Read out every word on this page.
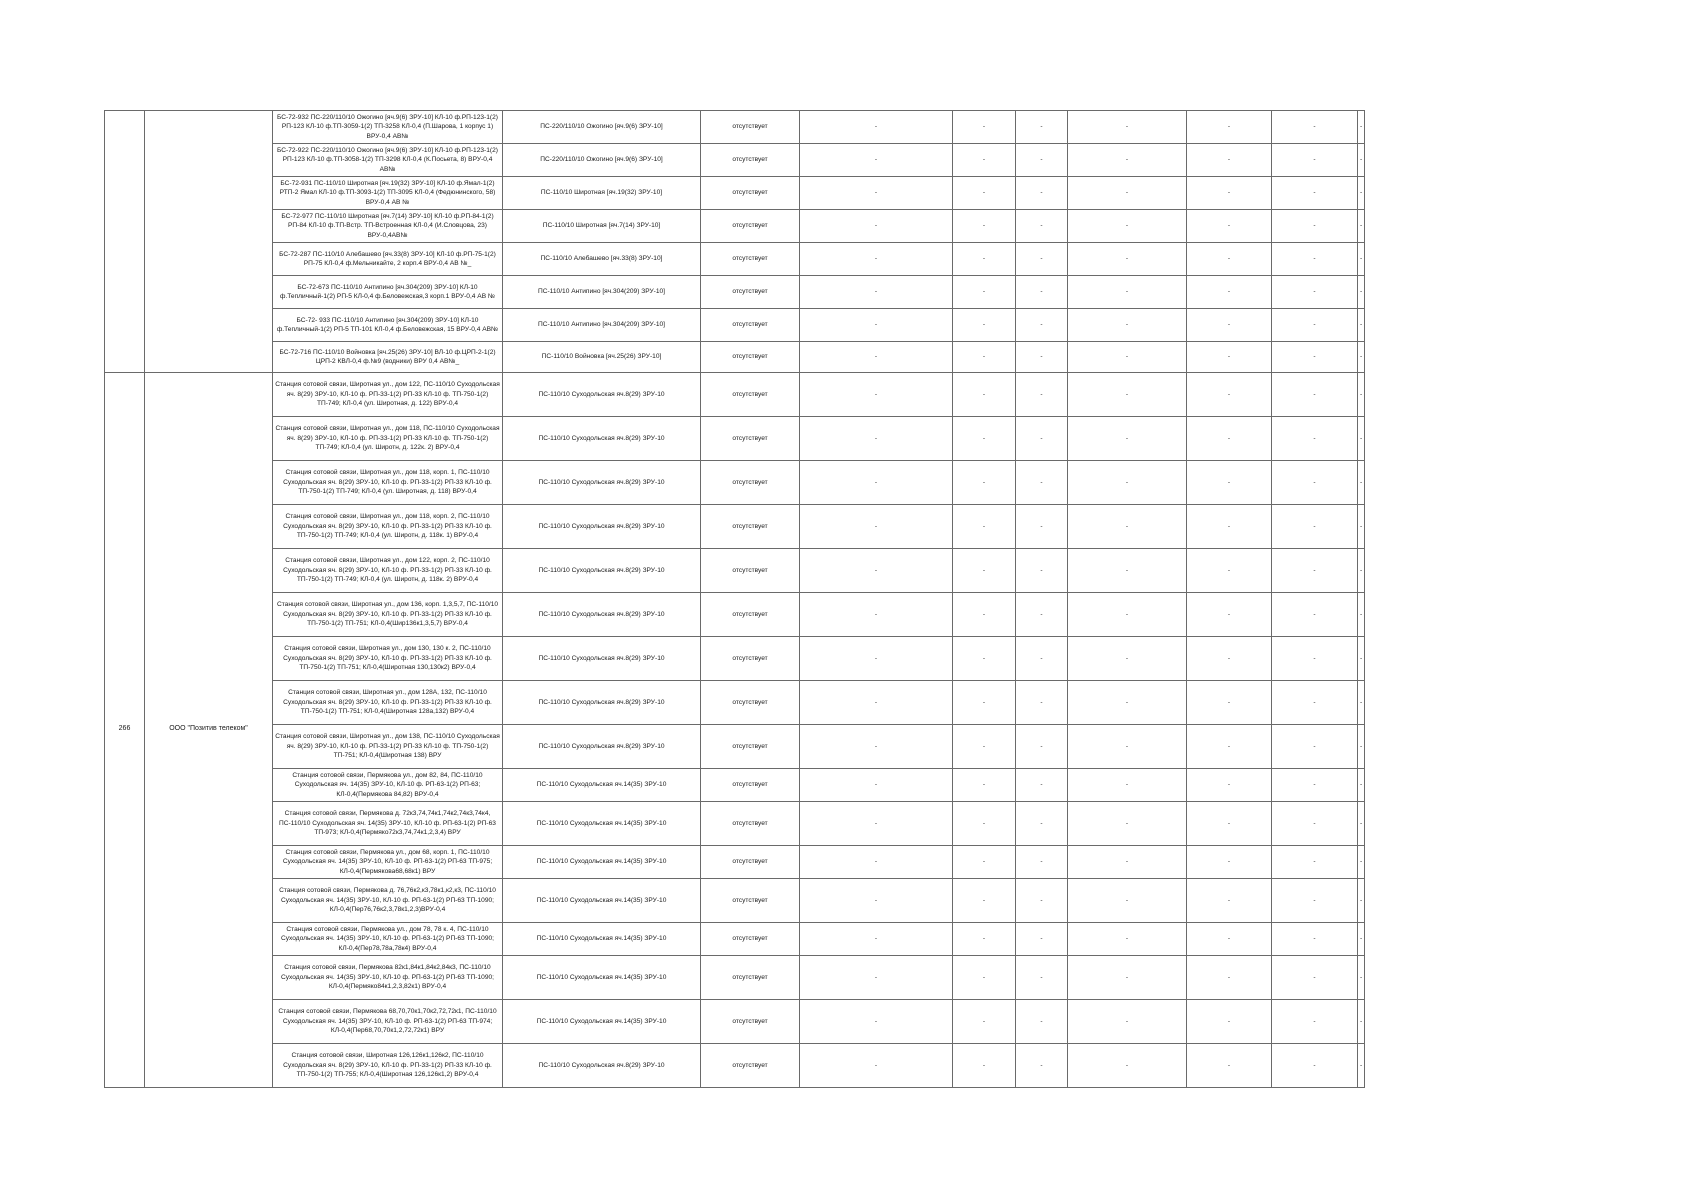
		БС-72-932 ПС-220/110/10 Ожогино [яч.9(6) ЗРУ-10] КЛ-10 ф.РП-123-1(2) РП-123 КЛ-10 ф.ТП-3059-1(2) ТП-3258 КЛ-0,4 (П.Шарова, 1 корпус 1) ВРУ-0,4 АВ№	ПС-220/110/10 Ожогино [яч.9(6) ЗРУ-10]	отсутствует	-	-	-	-	-	-	-
		БС-72-922 ПС-220/110/10 Ожогино [яч.9(6) ЗРУ-10] КЛ-10 ф.РП-123-1(2) РП-123 КЛ-10 ф.ТП-3058-1(2) ТП-3298 КЛ-0,4 (К.Посьета, 8) ВРУ-0,4 АВ№	ПС-220/110/10 Ожогино [яч.9(6) ЗРУ-10]	отсутствует	-	-	-	-	-	-	-
		БС-72-931 ПС-110/10 Широтная [яч.19(32) ЗРУ-10] КЛ-10 ф.Ямал-1(2) РТП-2 Ямал КЛ-10 ф.ТП-3093-1(2) ТП-3095 КЛ-0,4 (Федюнинского, 58) ВРУ-0,4 АВ №	ПС-110/10 Широтная [яч.19(32) ЗРУ-10]	отсутствует	-	-	-	-	-	-	-
		БС-72-977 ПС-110/10 Широтная [яч.7(14) ЗРУ-10] КЛ-10 ф.РП-84-1(2) РП-84 КЛ-10 ф.ТП-Встр. ТП-Встроенная КЛ-0,4 (И.Словцова, 23) ВРУ-0,4АВ№	ПС-110/10 Широтная [яч.7(14) ЗРУ-10]	отсутствует	-	-	-	-	-	-	-
		БС-72-287 ПС-110/10 Алебашево [яч.33(8) ЗРУ-10] КЛ-10 ф.РП-75-1(2) РП-75 КЛ-0,4 ф.Мельникайте, 2 корп.4 ВРУ-0,4 АВ №_	ПС-110/10 Алебашево [яч.33(8) ЗРУ-10]	отсутствует	-	-	-	-	-	-	-
		БС-72-673 ПС-110/10 Антипино [яч.304(209) ЗРУ-10] КЛ-10 ф.Тепличный-1(2) РП-5 КЛ-0,4 ф.Беловежская,3 корп.1 ВРУ-0,4 АВ №	ПС-110/10 Антипино [яч.304(209) ЗРУ-10]	отсутствует	-	-	-	-	-	-	-
		БС-72- 933 ПС-110/10 Антипино [яч.304(209) ЗРУ-10] КЛ-10 ф.Тепличный-1(2) РП-5 ТП-101 КЛ-0,4 ф.Беловежская, 15 ВРУ-0,4 АВ№	ПС-110/10 Антипино [яч.304(209) ЗРУ-10]	отсутствует	-	-	-	-	-	-	-
		БС-72-716 ПС-110/10 Войновка [яч.25(26) ЗРУ-10] ВЛ-10 ф.ЦРП-2-1(2) ЦРП-2 КВЛ-0,4 ф.№9 (водники) ВРУ 0,4 АВ№_	ПС-110/10 Войновка [яч.25(26) ЗРУ-10]	отсутствует	-	-	-	-	-	-	-

266	ООО "Позитив телеком"	Станция сотовой связи, Широтная ул., дом 122, ПС-110/10 Суходольская яч. 8(29) ЗРУ-10, КЛ-10 ф. РП-33-1(2) РП-33 КЛ-10 ф. ТП-750-1(2) ТП-749; КЛ-0,4 (ул. Широтная, д. 122) ВРУ-0,4	ПС-110/10 Суходольская яч.8(29) ЗРУ-10	отсутствует	-	-	-	-	-	-	-
		Станция сотовой связи, Широтная ул., дом 118, ПС-110/10 Суходольская яч. 8(29) ЗРУ-10, КЛ-10 ф. РП-33-1(2) РП-33 КЛ-10 ф. ТП-750-1(2) ТП-749; КЛ-0,4 (ул. Широтн, д. 122к. 2) ВРУ-0,4	ПС-110/10 Суходольская яч.8(29) ЗРУ-10	отсутствует	-	-	-	-	-	-	-
		Станция сотовой связи, Широтная ул., дом 118, корп. 1, ПС-110/10 Суходольская яч. 8(29) ЗРУ-10, КЛ-10 ф. РП-33-1(2) РП-33 КЛ-10 ф. ТП-750-1(2) ТП-749; КЛ-0,4 (ул. Широтная, д. 118) ВРУ-0,4	ПС-110/10 Суходольская яч.8(29) ЗРУ-10	отсутствует	-	-	-	-	-	-	-
		Станция сотовой связи, Широтная ул., дом 118, корп. 2, ПС-110/10 Суходольская яч. 8(29) ЗРУ-10, КЛ-10 ф. РП-33-1(2) РП-33 КЛ-10 ф. ТП-750-1(2) ТП-749; КЛ-0,4 (ул. Широтн, д. 118к. 1) ВРУ-0,4	ПС-110/10 Суходольская яч.8(29) ЗРУ-10	отсутствует	-	-	-	-	-	-	-
		Станция сотовой связи, Широтная ул., дом 122, корп. 2, ПС-110/10 Суходольская яч. 8(29) ЗРУ-10, КЛ-10 ф. РП-33-1(2) РП-33 КЛ-10 ф. ТП-750-1(2) ТП-749; КЛ-0,4 (ул. Широтн, д. 118к. 2) ВРУ-0,4	ПС-110/10 Суходольская яч.8(29) ЗРУ-10	отсутствует	-	-	-	-	-	-	-
		Станция сотовой связи, Широтная ул., дом 136, корп. 1,3,5,7, ПС-110/10 Суходольская яч. 8(29) ЗРУ-10, КЛ-10 ф. РП-33-1(2) РП-33 КЛ-10 ф. ТП-750-1(2) ТП-751; КЛ-0,4(Шир136к1,3,5,7) ВРУ-0,4	ПС-110/10 Суходольская яч.8(29) ЗРУ-10	отсутствует	-	-	-	-	-	-	-
		Станция сотовой связи, Широтная ул., дом 130, 130 к. 2, ПС-110/10 Суходольская яч. 8(29) ЗРУ-10, КЛ-10 ф. РП-33-1(2) РП-33 КЛ-10 ф. ТП-750-1(2) ТП-751; КЛ-0,4(Широтная 130,130к2) ВРУ-0,4	ПС-110/10 Суходольская яч.8(29) ЗРУ-10	отсутствует	-	-	-	-	-	-	-
		Станция сотовой связи, Широтная ул., дом 128А, 132, ПС-110/10 Суходольская яч. 8(29) ЗРУ-10, КЛ-10 ф. РП-33-1(2) РП-33 КЛ-10 ф. ТП-750-1(2) ТП-751; КЛ-0,4(Широтная 128а,132) ВРУ-0,4	ПС-110/10 Суходольская яч.8(29) ЗРУ-10	отсутствует	-	-	-	-	-	-	-
		Станция сотовой связи, Широтная ул., дом 138, ПС-110/10 Суходольская яч. 8(29) ЗРУ-10, КЛ-10 ф. РП-33-1(2) РП-33 КЛ-10 ф. ТП-750-1(2) ТП-751; КЛ-0,4(Широтная 138) ВРУ	ПС-110/10 Суходольская яч.8(29) ЗРУ-10	отсутствует	-	-	-	-	-	-	-
		Станция сотовой связи, Пермякова ул., дом 82, 84, ПС-110/10 Суходольская яч. 14(35) ЗРУ-10, КЛ-10 ф. РП-63-1(2) РП-63; КЛ-0,4(Пермякова 84,82) ВРУ-0,4	ПС-110/10 Суходольская яч.14(35) ЗРУ-10	отсутствует	-	-	-	-	-	-	-
		Станция сотовой связи, Пермякова д. 72к3,74,74к1,74к2,74к3,74к4, ПС-110/10 Суходольская яч. 14(35) ЗРУ-10, КЛ-10 ф. РП-63-1(2) РП-63 ТП-973; КЛ-0,4(Пермяко72к3,74,74к1,2,3,4) ВРУ	ПС-110/10 Суходольская яч.14(35) ЗРУ-10	отсутствует	-	-	-	-	-	-	-
		Станция сотовой связи, Пермякова ул., дом 68, корп. 1, ПС-110/10 Суходольская яч. 14(35) ЗРУ-10, КЛ-10 ф. РП-63-1(2) РП-63 ТП-975; КЛ-0,4(Пермякова68,68к1) ВРУ	ПС-110/10 Суходольская яч.14(35) ЗРУ-10	отсутствует	-	-	-	-	-	-	-
		Станция сотовой связи, Пермякова д. 76,76к2,к3,78к1,к2,к3, ПС-110/10 Суходольская яч. 14(35) ЗРУ-10, КЛ-10 ф. РП-63-1(2) РП-63 ТП-1090; КЛ-0,4(Пер76,76к2,3,78к1,2,3)ВРУ-0,4	ПС-110/10 Суходольская яч.14(35) ЗРУ-10	отсутствует	-	-	-	-	-	-	-
		Станция сотовой связи, Пермякова ул., дом 78, 78 к. 4, ПС-110/10 Суходольская яч. 14(35) ЗРУ-10, КЛ-10 ф. РП-63-1(2) РП-63 ТП-1090; КЛ-0,4(Пер78,78а,78к4) ВРУ-0,4	ПС-110/10 Суходольская яч.14(35) ЗРУ-10	отсутствует	-	-	-	-	-	-	-
		Станция сотовой связи, Пермякова 82к1,84к1,84к2,84к3, ПС-110/10 Суходольская яч. 14(35) ЗРУ-10, КЛ-10 ф. РП-63-1(2) РП-63 ТП-1090; КЛ-0,4(Пермяко84к1,2,3,82к1) ВРУ-0,4	ПС-110/10 Суходольская яч.14(35) ЗРУ-10	отсутствует	-	-	-	-	-	-	-
		Станция сотовой связи, Пермякова 68,70,70к1,70к2,72,72к1, ПС-110/10 Суходольская яч. 14(35) ЗРУ-10, КЛ-10 ф. РП-63-1(2) РП-63 ТП-974; КЛ-0,4(Пер68,70,70к1,2,72,72к1) ВРУ	ПС-110/10 Суходольская яч.14(35) ЗРУ-10	отсутствует	-	-	-	-	-	-	-
		Станция сотовой связи, Широтная 126,126к1,126к2, ПС-110/10 Суходольская яч. 8(29) ЗРУ-10, КЛ-10 ф. РП-33-1(2) РП-33 КЛ-10 ф. ТП-750-1(2) ТП-755; КЛ-0,4(Широтная 126,126к1,2) ВРУ-0,4	ПС-110/10 Суходольская яч.8(29) ЗРУ-10	отсутствует	-	-	-	-	-	-	-
